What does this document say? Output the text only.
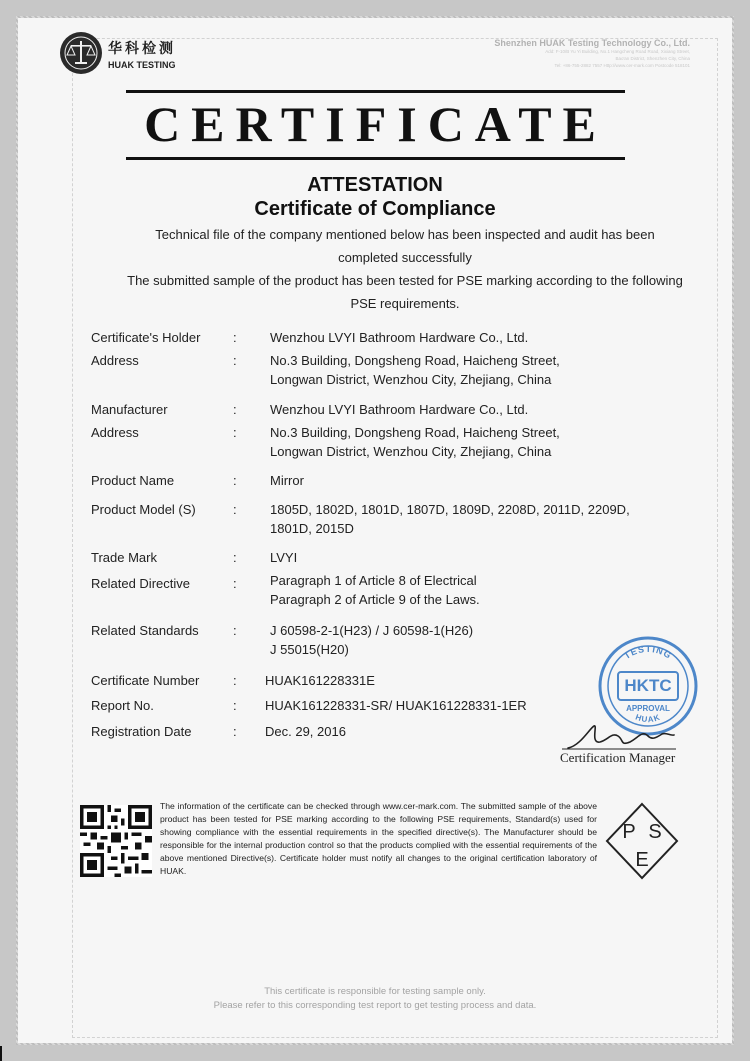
华科检测
HUAK TESTING
Shenzhen HUAK Testing Technology Co., Ltd.
Add: F-10/B Yu Yi Building, No.1 Hangcheng Road Road, Xixiang Street,
Bao'an District, Shenzhen City, China
Tel: +86-755-2882 7557 Http://www.cer-mark.com Postcode 518101
CERTIFICATE
ATTESTATION
Certificate of Compliance
Technical file of the company mentioned below has been inspected and audit has been
completed successfully
The submitted sample of the product has been tested for PSE marking according to the following
PSE requirements.
Certificate's Holder	:	Wenzhou LVYI Bathroom Hardware Co., Ltd.
Address	:	No.3 Building, Dongsheng Road, Haicheng Street,
Longwan District, Wenzhou City, Zhejiang, China
Manufacturer	:	Wenzhou LVYI Bathroom Hardware Co., Ltd.
Address	:	No.3 Building, Dongsheng Road, Haicheng Street,
Longwan District, Wenzhou City, Zhejiang, China
Product Name	:	Mirror
Product Model (S)	:	1805D, 1802D, 1801D, 1807D, 1809D, 2208D, 2011D, 2209D,
1801D, 2015D
Trade Mark	:	LVYI
Related Directive	:	Paragraph 1 of Article 8 of Electrical
Paragraph 2 of Article 9 of the Laws.
Related Standards	:	J 60598-2-1(H23) / J 60598-1(H26)
J 55015(H20)
Certificate Number	: HUAK161228331E
Report No.	: HUAK161228331-SR/ HUAK161228331-1ER
Registration Date	: Dec. 29, 2016
TESTING
HUAK
HKTC
APPROVAL
Certification Manager
The information of the certificate can be checked through www.cer-mark.com. The submitted sample of the above product has been tested for PSE marking according to the following PSE requirements, Standard(s) used for showing compliance with the essential requirements in the specified directive(s). The Manufacturer should be responsible for the internal production control so that the products complied with the essential requirements of the above mentioned Directive(s). Certificate holder must notify all changes to the original certification laboratory of HUAK.
P S
E
This certificate is responsible for testing sample only.
Please refer to this corresponding test report to get testing process and data.
